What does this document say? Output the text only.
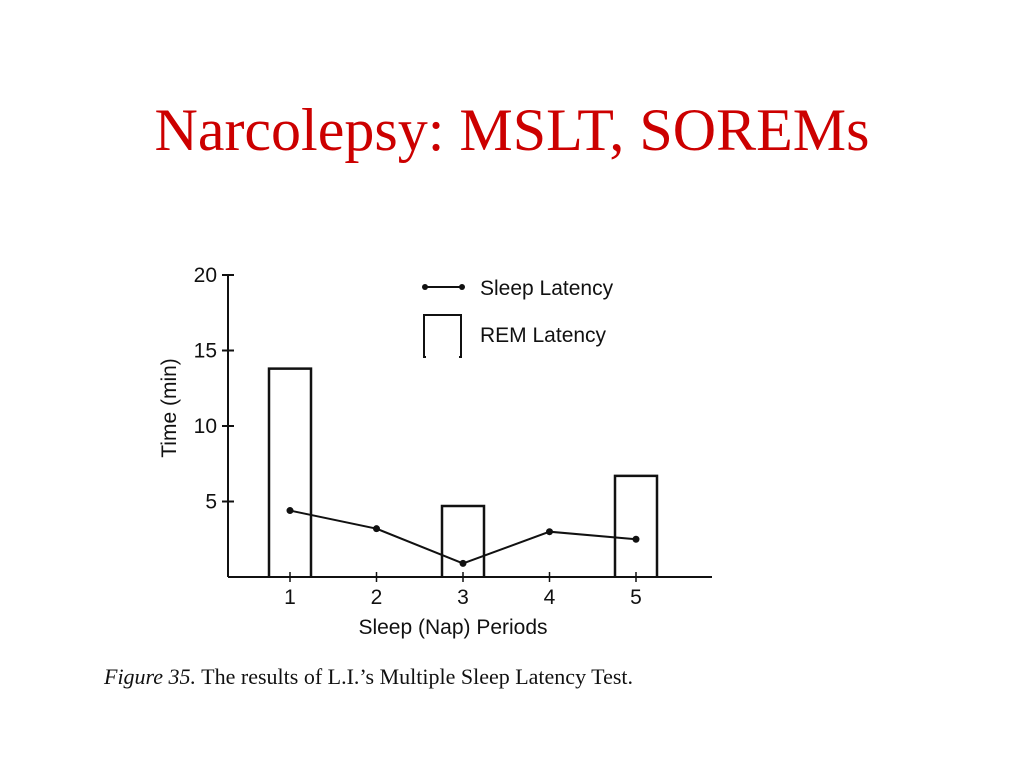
Narcolepsy: MSLT, SOREMs
5
10
15
20
1	2	3	4	5
Sleep Latency
REM Latency
Time (min)
Sleep (Nap) Periods
Figure 35. The results of L.I.’s Multiple Sleep Latency Test.
